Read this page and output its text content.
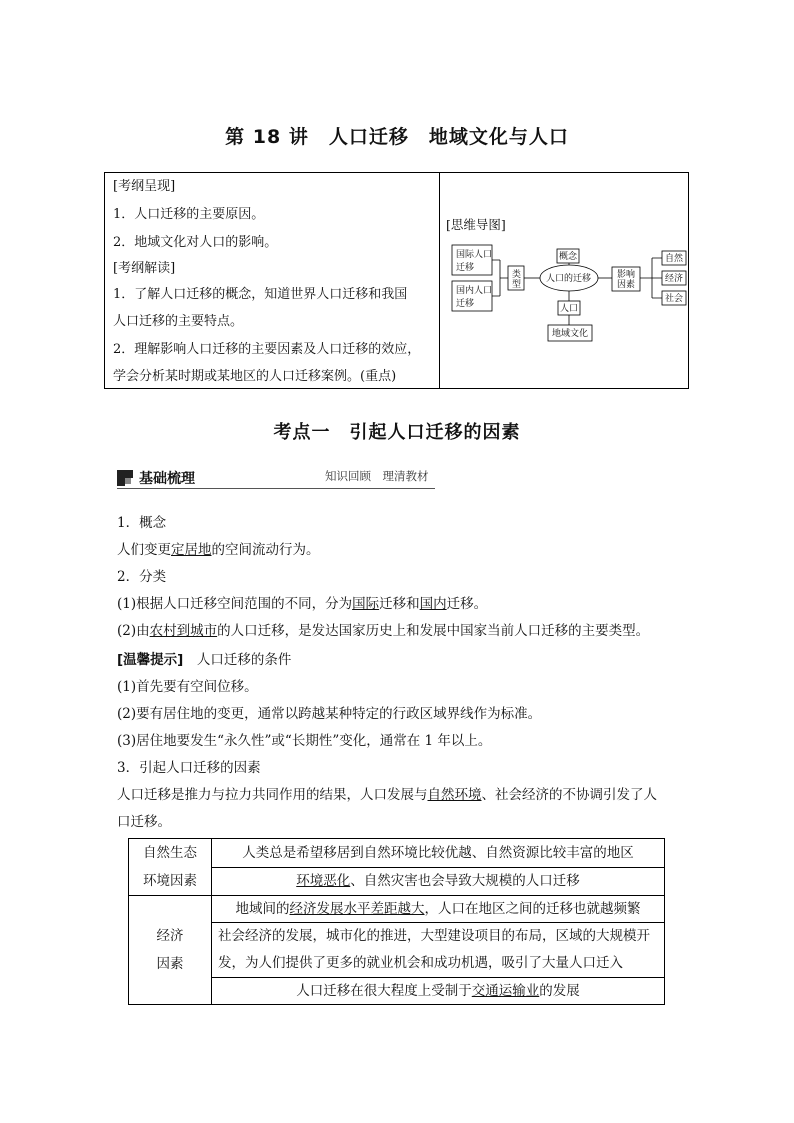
第 18 讲　人口迁移　地域文化与人口
[考纲呈现]
1．人口迁移的主要原因。
2．地域文化对人口的影响。
[考纲解读]
1．了解人口迁移的概念，知道世界人口迁移和我国
人口迁移的主要特点。
2．理解影响人口迁移的主要因素及人口迁移的效应，
学会分析某时期或某地区的人口迁移案例。(重点)
[思维导图]
国际人口
迁移
国内人口
迁移
类
型
人口的迁移
概念
人口
地域文化
影响
因素
自然
经济
社会
考点一　引起人口迁移的因素
基础梳理	知识回顾　理清教材
1．概念
人们变更定居地的空间流动行为。
2．分类
(1)根据人口迁移空间范围的不同，分为国际迁移和国内迁移。
(2)由农村到城市的人口迁移，是发达国家历史上和发展中国家当前人口迁移的主要类型。
[温馨提示]　人口迁移的条件
(1)首先要有空间位移。
(2)要有居住地的变更，通常以跨越某种特定的行政区域界线作为标准。
(3)居住地要发生“永久性”或“长期性”变化，通常在 1 年以上。
3．引起人口迁移的因素
人口迁移是推力与拉力共同作用的结果，人口发展与自然环境、社会经济的不协调引发了人
口迁移。
自然生态
环境因素	人类总是希望移居到自然环境比较优越、自然资源比较丰富的地区
	环境恶化、自然灾害也会导致大规模的人口迁移
经济
因素	地域间的经济发展水平差距越大，人口在地区之间的迁移也就越频繁
	社会经济的发展，城市化的推进，大型建设项目的布局，区域的大规模开发，为人们提供了更多的就业机会和成功机遇，吸引了大量人口迁入
	人口迁移在很大程度上受制于交通运输业的发展
